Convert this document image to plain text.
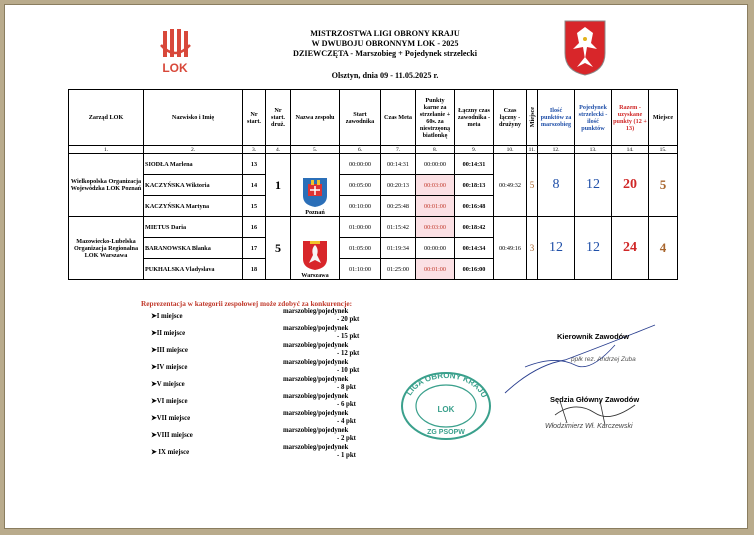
LOK
MISTRZOSTWA LIGI OBRONY KRAJU
W DWUBOJU OBRONNYM LOK - 2025
DZIEWCZĘTA - Marszobieg + Pojedynek strzelecki
Olsztyn, dnia 09 - 11.05.2025 r.
Zarząd LOK	Nazwisko i Imię	Nr start.	Nr start. druż.	Nazwa zespołu	Start zawodnika	Czas Meta	Punkty karne za strzelanie + 60s. za niestrzęoną biatlonkę	Łączny czas zawodnika - meta	Czas łączny - drużyny	Miejsce	Ilość punktów za marszobieg	Pojedynek strzelecki - ilość punktów	Razem - uzyskane punkty (12 + 13)	Miejsce
1.	2.	3.	4.	5.	6.	7.	8.	9.	10.	11.	12.	13.	14.	15.
Wielkopolska Organizacja Wojewódzka LOK Poznań	SIODŁA Marlena	13	1	Poznań	00:00:00	00:14:31	00:00:00	00:14:31	00:49:32	5	8	12	20	5
	KACZYŃSKA Wiktoria	14			00:05:00	00:20:13	00:03:00	00:18:13						
	KACZYŃSKA Martyna	15			00:10:00	00:25:48	00:01:00	00:16:48						
Mazowiecko-Lubelska Organizacja Regionalna LOK Warszawa	MIETUS Daria	16	5	Warszawa	01:00:00	01:15:42	00:03:00	00:18:42	00:49:16	3	12	12	24	4
	BARANOWSKA Blanka	17			01:05:00	01:19:34	00:00:00	00:14:34						
	PUKHALSKA Vladyslava	18			01:10:00	01:25:00	00:01:00	00:16:00						
Reprezentacja w kategorii zespołowej może zdobyć za konkurencje:
➤I miejsce
marszobieg/pojedynek
- 20 pkt
➤II miejsce
marszobieg/pojedynek
- 15 pkt
➤III miejsce
marszobieg/pojedynek
- 12 pkt
➤IV miejsce
marszobieg/pojedynek
- 10 pkt
➤V miejsce
marszobieg/pojedynek
- 8 pkt
➤VI miejsce
marszobieg/pojedynek
- 6 pkt
➤VII miejsce
marszobieg/pojedynek
- 4 pkt
➤VIII miejsce
marszobieg/pojedynek
- 2 pkt
➤ IX miejsce
marszobieg/pojedynek
- 1 pkt
LIGA OBRONY KRAJU
LOK
ZG PSOPW
Kierownik Zawodów
ppłk rez. Andrzej Zuba
Sędzia Główny Zawodów
Włodzimierz Wł. Karczewski
